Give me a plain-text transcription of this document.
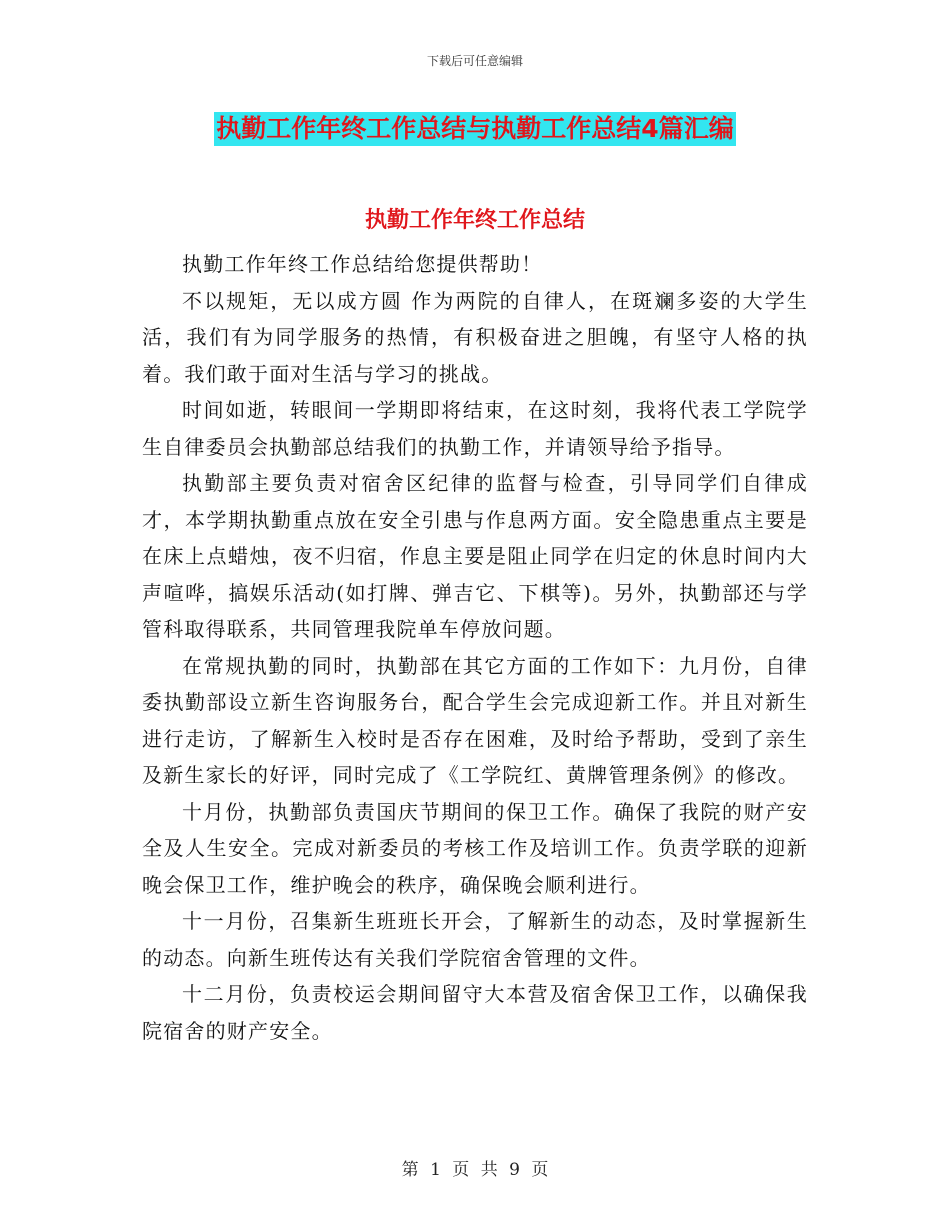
下载后可任意编辑
执勤工作年终工作总结与执勤工作总结4篇汇编
执勤工作年终工作总结

执勤工作年终工作总结给您提供帮助！

不以规矩，无以成方圆 作为两院的自律人，在斑斓多姿的大学生活，我们有为同学服务的热情，有积极奋进之胆魄，有坚守人格的执着。我们敢于面对生活与学习的挑战。

时间如逝，转眼间一学期即将结束，在这时刻，我将代表工学院学生自律委员会执勤部总结我们的执勤工作，并请领导给予指导。

执勤部主要负责对宿舍区纪律的监督与检查，引导同学们自律成才，本学期执勤重点放在安全引患与作息两方面。安全隐患重点主要是在床上点蜡烛，夜不归宿，作息主要是阻止同学在归定的休息时间内大声喧哗，搞娱乐活动(如打牌、弹吉它、下棋等)。另外，执勤部还与学管科取得联系，共同管理我院单车停放问题。

在常规执勤的同时，执勤部在其它方面的工作如下：九月份，自律委执勤部设立新生咨询服务台，配合学生会完成迎新工作。并且对新生进行走访，了解新生入校时是否存在困难，及时给予帮助，受到了亲生及新生家长的好评，同时完成了《工学院红、黄牌管理条例》的修改。

十月份，执勤部负责国庆节期间的保卫工作。确保了我院的财产安全及人生安全。完成对新委员的考核工作及培训工作。负责学联的迎新晚会保卫工作，维护晚会的秩序，确保晚会顺利进行。

十一月份，召集新生班班长开会，了解新生的动态，及时掌握新生的动态。向新生班传达有关我们学院宿舍管理的文件。

十二月份，负责校运会期间留守大本营及宿舍保卫工作，以确保我院宿舍的财产安全。

第 1 页 共 9 页
